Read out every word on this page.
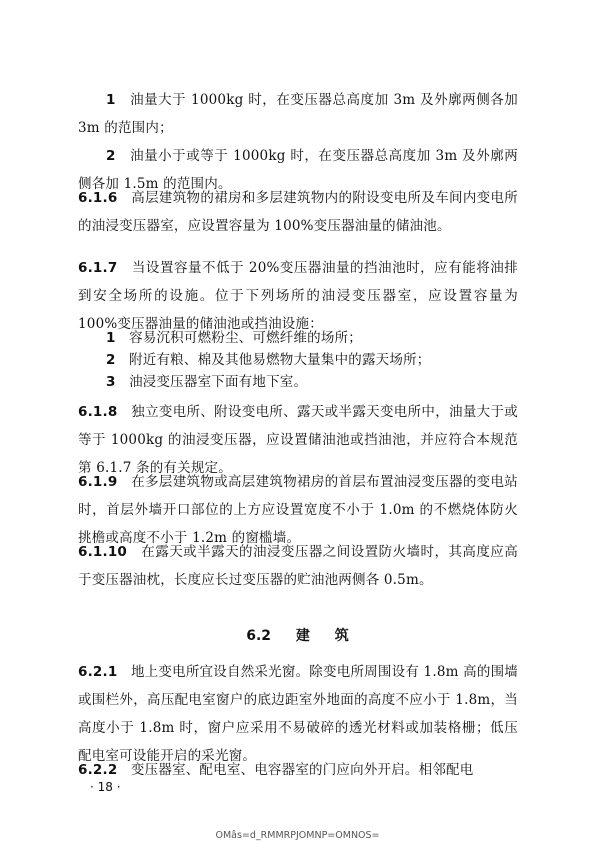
1 油量大于 1000kg 时，在变压器总高度加 3m 及外廓两侧各加 3m 的范围内；

2 油量小于或等于 1000kg 时，在变压器总高度加 3m 及外廓两侧各加 1.5m 的范围内。

6.1.6 高层建筑物的裙房和多层建筑物内的附设变电所及车间内变电所的油浸变压器室，应设置容量为 100%变压器油量的储油池。

6.1.7 当设置容量不低于 20%变压器油量的挡油池时，应有能将油排到安全场所的设施。位于下列场所的油浸变压器室，应设置容量为 100%变压器油量的储油池或挡油设施：

1 容易沉积可燃粉尘、可燃纤维的场所；

2 附近有粮、棉及其他易燃物大量集中的露天场所；

3 油浸变压器室下面有地下室。

6.1.8 独立变电所、附设变电所、露天或半露天变电所中，油量大于或等于 1000kg 的油浸变压器，应设置储油池或挡油池，并应符合本规范第 6.1.7 条的有关规定。

6.1.9 在多层建筑物或高层建筑物裙房的首层布置油浸变压器的变电站时，首层外墙开口部位的上方应设置宽度不小于 1.0m 的不燃烧体防火挑檐或高度不小于 1.2m 的窗槛墙。

6.1.10 在露天或半露天的油浸变压器之间设置防火墙时，其高度应高于变压器油枕，长度应长过变压器的贮油池两侧各 0.5m。

6.2 建 筑

6.2.1 地上变电所宜设自然采光窗。除变电所周围设有 1.8m 高的围墙或围栏外，高压配电室窗户的底边距室外地面的高度不应小于 1.8m，当高度小于 1.8m 时，窗户应采用不易破碎的透光材料或加装格栅；低压配电室可设能开启的采光窗。

6.2.2 变压器室、配电室、电容器室的门应向外开启。相邻配电

· 18 ·
OMâs=d_RMMRPJOMNP=OMNOS=
